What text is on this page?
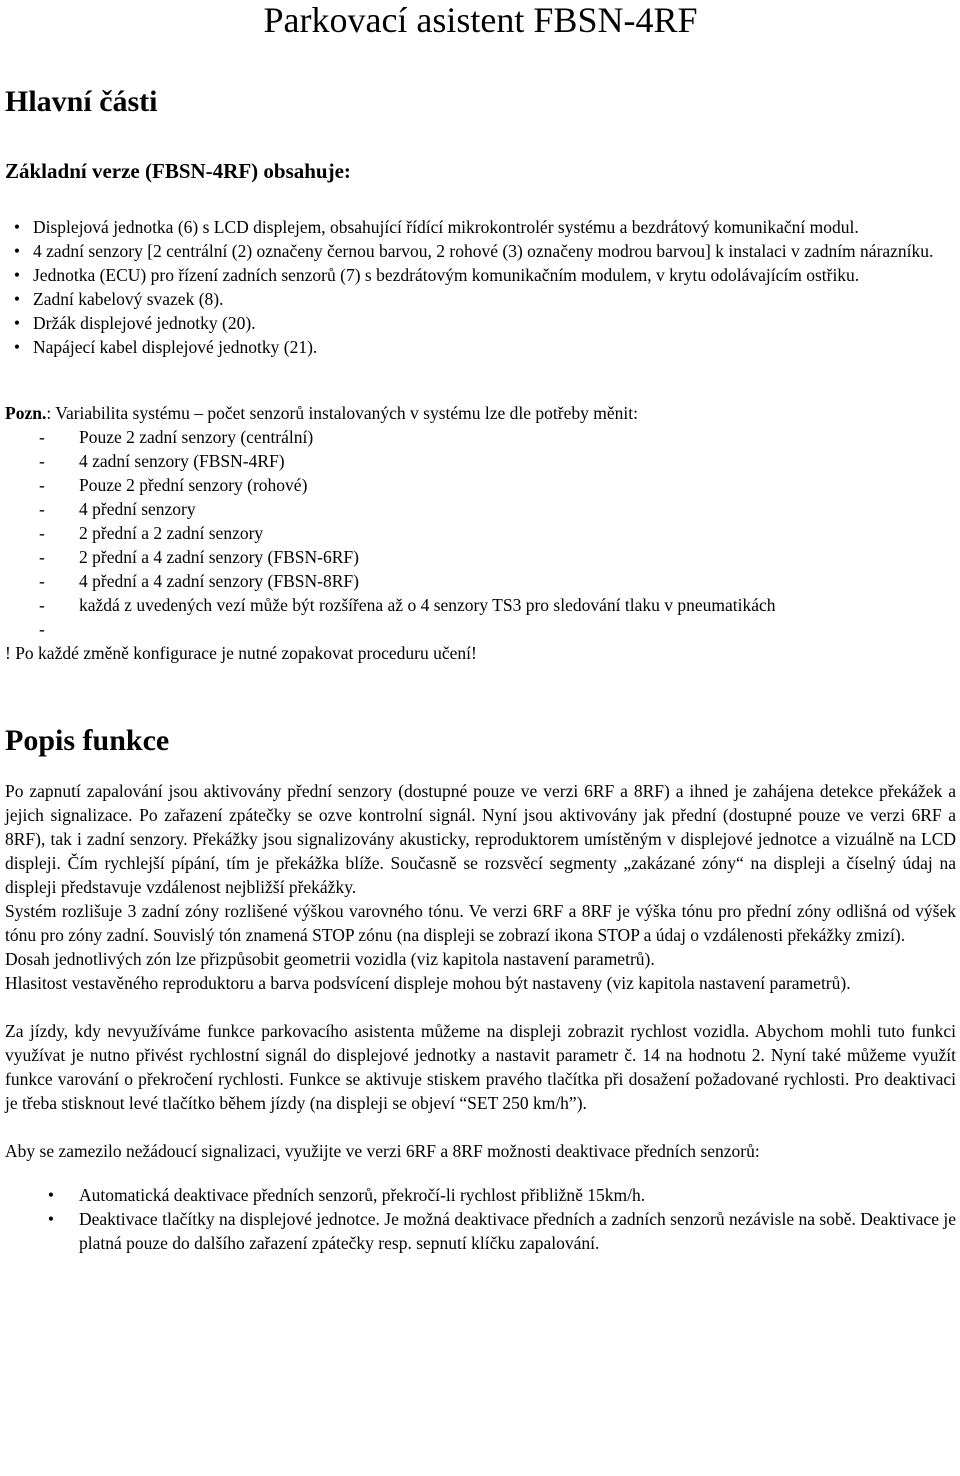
Parkovací asistent FBSN-4RF
Hlavní části
Základní verze (FBSN-4RF) obsahuje:
• Displejová jednotka (6) s LCD displejem, obsahující řídící mikrokontrolér systému a bezdrátový komunikační modul.
• 4 zadní senzory [2 centrální (2) označeny černou barvou, 2 rohové (3) označeny modrou barvou] k instalaci v zadním nárazníku.
• Jednotka (ECU) pro řízení zadních senzorů (7) s bezdrátovým komunikačním modulem, v krytu odolávajícím ostřiku.
• Zadní kabelový svazek (8).
• Držák displejové jednotky (20).
• Napájecí kabel displejové jednotky (21).

Pozn.: Variabilita systému – počet senzorů instalovaných v systému lze dle potřeby měnit:

- Pouze 2 zadní senzory (centrální)
- 4 zadní senzory (FBSN-4RF)
- Pouze 2 přední senzory (rohové)
- 4 přední senzory
- 2 přední a 2 zadní senzory
- 2 přední a 4 zadní senzory (FBSN-6RF)
- 4 přední a 4 zadní senzory (FBSN-8RF)
- každá z uvedených vezí může být rozšířena až o 4 senzory TS3 pro sledování tlaku v pneumatikách

-

! Po každé změně konfigurace je nutné zopakovat proceduru učení!

Popis funkce

Po zapnutí zapalování jsou aktivovány přední senzory (dostupné pouze ve verzi 6RF a 8RF) a ihned je zahájena detekce překážek a jejich signalizace. Po zařazení zpátečky se ozve kontrolní signál. Nyní jsou aktivovány jak přední (dostupné pouze ve verzi 6RF a 8RF), tak i zadní senzory. Překážky jsou signalizovány akusticky, reproduktorem umístěným v displejové jednotce a vizuálně na LCD displeji. Čím rychlejší pípání, tím je překážka blíže. Současně se rozsvěcí segmenty „zakázané zóny“ na displeji a číselný údaj na displeji představuje vzdálenost nejbližší překážky.

Systém rozlišuje 3 zadní zóny rozlišené výškou varovného tónu. Ve verzi 6RF a 8RF je výška tónu pro přední zóny odlišná od výšek tónu pro zóny zadní. Souvislý tón znamená STOP zónu (na displeji se zobrazí ikona STOP a údaj o vzdálenosti překážky zmizí).

Dosah jednotlivých zón lze přizpůsobit geometrii vozidla (viz kapitola nastavení parametrů).

Hlasitost vestavěného reproduktoru a barva podsvícení displeje mohou být nastaveny (viz kapitola nastavení parametrů).

Za jízdy, kdy nevyužíváme funkce parkovacího asistenta můžeme na displeji zobrazit rychlost vozidla. Abychom mohli tuto funkci využívat je nutno přivést rychlostní signál do displejové jednotky a nastavit parametr č. 14 na hodnotu 2. Nyní také můžeme využít funkce varování o překročení rychlosti. Funkce se aktivuje stiskem pravého tlačítka při dosažení požadované rychlosti. Pro deaktivaci je třeba stisknout levé tlačítko během jízdy (na displeji se objeví “SET 250 km/h”).

Aby se zamezilo nežádoucí signalizaci, využijte ve verzi 6RF a 8RF možnosti deaktivace předních senzorů:

•	Automatická deaktivace předních senzorů, překročí-li rychlost přibližně 15km/h.
•	Deaktivace tlačítky na displejové jednotce. Je možná deaktivace předních a zadních senzorů nezávisle na sobě. Deaktivace je platná pouze do dalšího zařazení zpátečky resp. sepnutí klíčku zapalování.
